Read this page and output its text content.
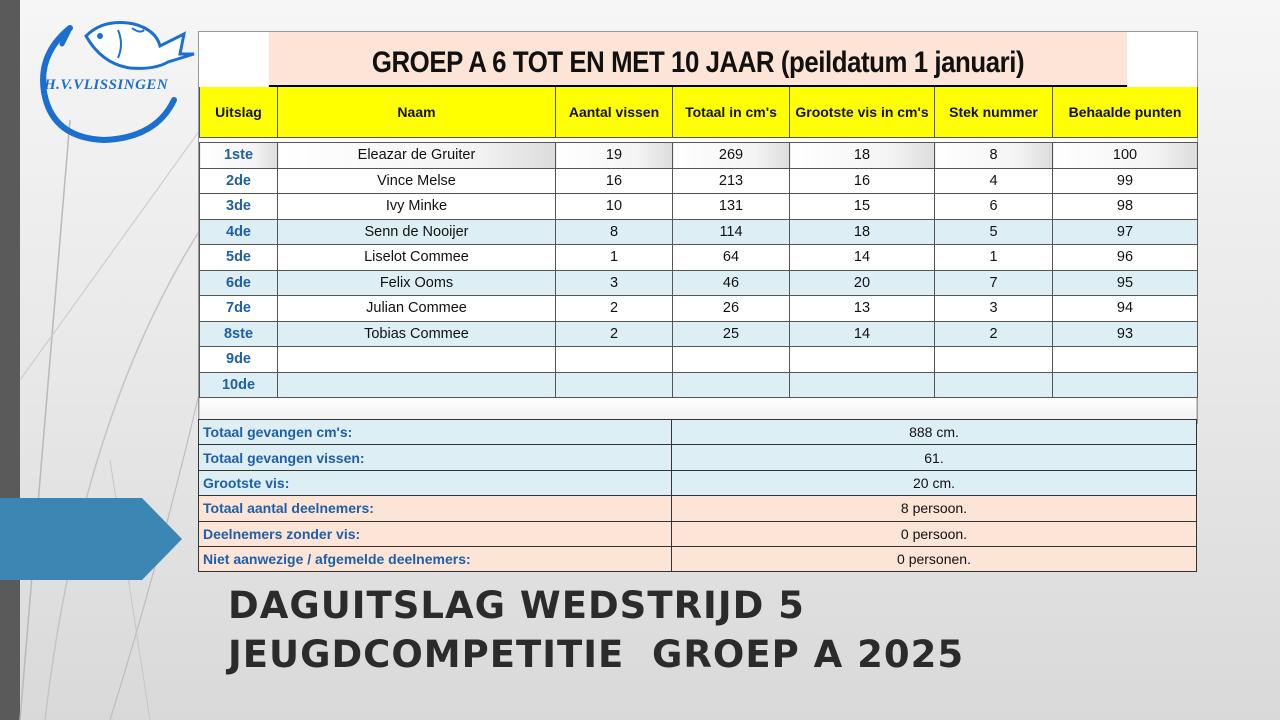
H.V.VLISSINGEN
GROEP A 6 TOT EN MET 10 JAAR (peildatum 1 januari)
Uitslag	Naam	Aantal vissen	Totaal in cm's	Grootste vis in cm's	Stek nummer	Behaalde punten

1ste	Eleazar de Gruiter	19	269	18	8	100
2de	Vince Melse	16	213	16	4	99
3de	Ivy Minke	10	131	15	6	98
4de	Senn de Nooijer	8	114	18	5	97
5de	Liselot Commee	1	64	14	1	96
6de	Felix Ooms	3	46	20	7	95
7de	Julian Commee	2	26	13	3	94
8ste	Tobias Commee	2	25	14	2	93
9de						
10de						
Totaal gevangen cm's:	888 cm.
Totaal gevangen vissen:	61.
Grootste vis:	20 cm.
Totaal aantal deelnemers:	8 persoon.
Deelnemers zonder vis:	0 persoon.
Niet aanwezige / afgemelde deelnemers:	0 personen.
DAGUITSLAG WEDSTRIJD 5
JEUGDCOMPETITIE  GROEP A 2025
